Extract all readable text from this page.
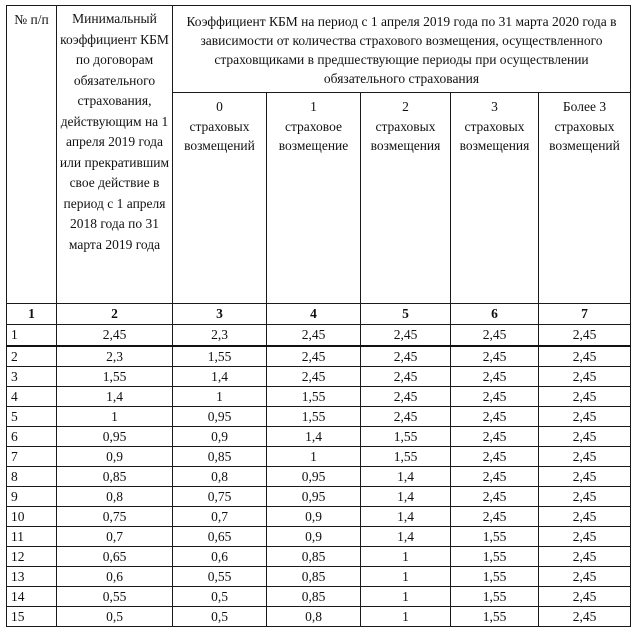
№ п/п	Минимальный коэффициент КБМ по договорам обязательного страхования, действующим на 1 апреля 2019 года или прекратившим свое действие в период с 1 апреля 2018 года по 31 марта 2019 года	Коэффициент КБМ на период с 1 апреля 2019 года по 31 марта 2020 года в зависимости от количества страхового возмещения, осуществленного страховщиками в предшествующие периоды при осуществлении обязательного страхования				

		0
страховых
возмещений	1
страховое
возмещение	2
страховых
возмещения	3
страховых
возмещения	Более 3
страховых
возмещений

1	2	3	4	5	6	7
1	2,45	2,3	2,45	2,45	2,45	2,45
2	2,3	1,55	2,45	2,45	2,45	2,45
3	1,55	1,4	2,45	2,45	2,45	2,45
4	1,4	1	1,55	2,45	2,45	2,45
5	1	0,95	1,55	2,45	2,45	2,45
6	0,95	0,9	1,4	1,55	2,45	2,45
7	0,9	0,85	1	1,55	2,45	2,45
8	0,85	0,8	0,95	1,4	2,45	2,45
9	0,8	0,75	0,95	1,4	2,45	2,45
10	0,75	0,7	0,9	1,4	2,45	2,45
11	0,7	0,65	0,9	1,4	1,55	2,45
12	0,65	0,6	0,85	1	1,55	2,45
13	0,6	0,55	0,85	1	1,55	2,45
14	0,55	0,5	0,85	1	1,55	2,45
15	0,5	0,5	0,8	1	1,55	2,45
